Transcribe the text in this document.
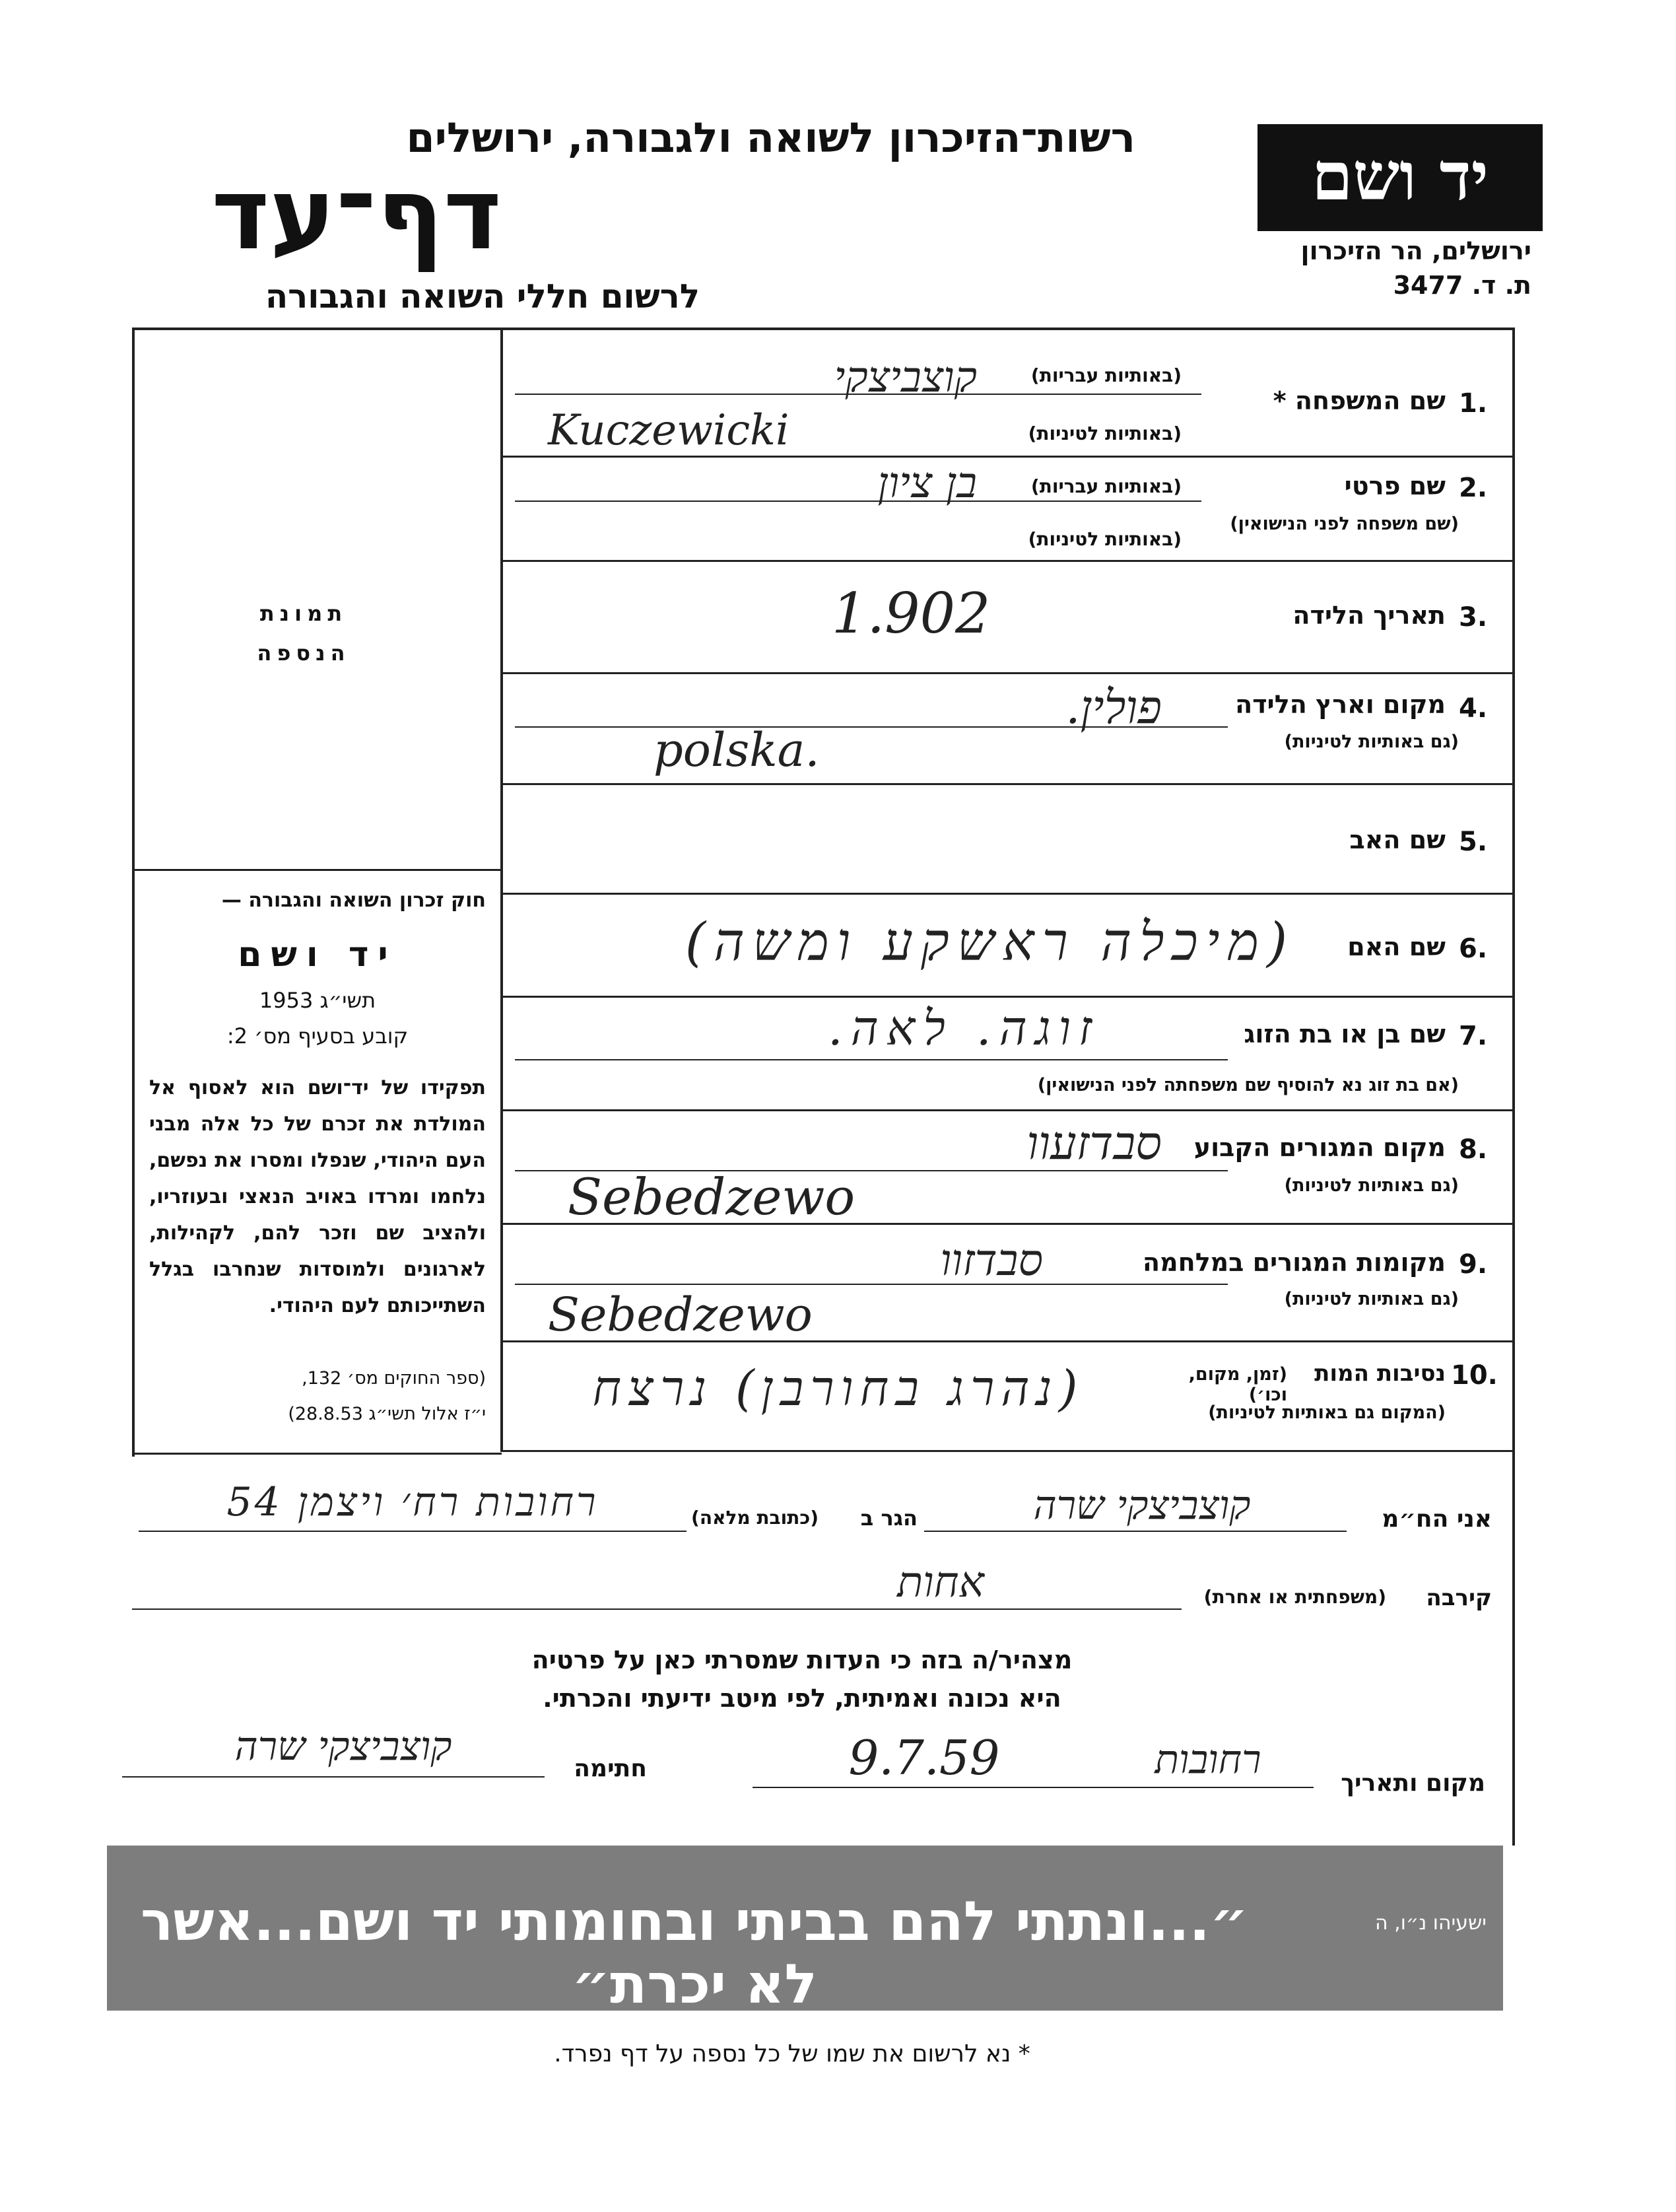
יד ושם
ירושלים, הר הזיכרון
ת. ד. 3477
רשות־הזיכרון לשואה ולגבורה, ירושלים
דף־עד
לרשום חללי השואה והגבורה
תמונת
הנספה
חוק זכרון השואה והגבורה —
יד ושם
תשי״ג 1953
קובע בסעיף מס׳ 2:
תפקידו של יד־ושם הוא לאסוף אל המולדת את זכרם של כל אלה מבני העם היהודי, שנפלו ומסרו את נפשם, נלחמו ומרדו באויב הנאצי ובעוזריו, ולהציב שם וזכר להם, לקהילות, לארגונים ולמוסדות שנחרבו בגלל השתייכותם לעם היהודי.
(ספר החוקים מס׳ 132,
י״ז אלול תשי״ג 28.8.53)
1.
שם המשפחה *
(באותיות עבריות)
(באותיות לטיניות)
קוצביצקי
Kuczewicki
2.
שם פרטי
(שם משפחה לפני הנישואין)
(באותיות עבריות)
(באותיות לטיניות)
בן ציון
3.
תאריך הלידה
1.902
4.
מקום וארץ הלידה
(גם באותיות לטיניות)
פולין.
polska.
5.
שם האב
6.
שם האם
(מיכלה ראשקע ומשה)
7.
שם בן או בת הזוג
(אם בת זוג נא להוסיף שם משפחתה לפני הנישואין)
זוגה. לאה.
8.
מקום המגורים הקבוע
(גם באותיות לטיניות)
סבדזעוו
Sebedzewo
9.
מקומות המגורים במלחמה
(גם באותיות לטיניות)
סבדזוו
Sebedzewo
10.
נסיבות המות
(זמן, מקום, וכו׳)
(המקום גם באותיות לטיניות)
(נהרג בחורבן) נרצח
אני הח״מ
קוצביצקי שרה
הגר ב
(כתובת מלאה)
רחובות רח׳ ויצמן 54
קירבה
(משפחתית או אחרת)
אחות
מצהיר/ה בזה כי העדות שמסרתי כאן על פרטיה
היא נכונה ואמיתית, לפי מיטב ידיעתי והכרתי.
מקום ותאריך
רחובות
9.7.59
חתימה
קוצביצקי שרה
ישעיהו נ״ו, ה
״...ונתתי להם בביתי ובחומותי יד ושם...אשר לא יכרת״
* נא לרשום את שמו של כל נספה על דף נפרד.
